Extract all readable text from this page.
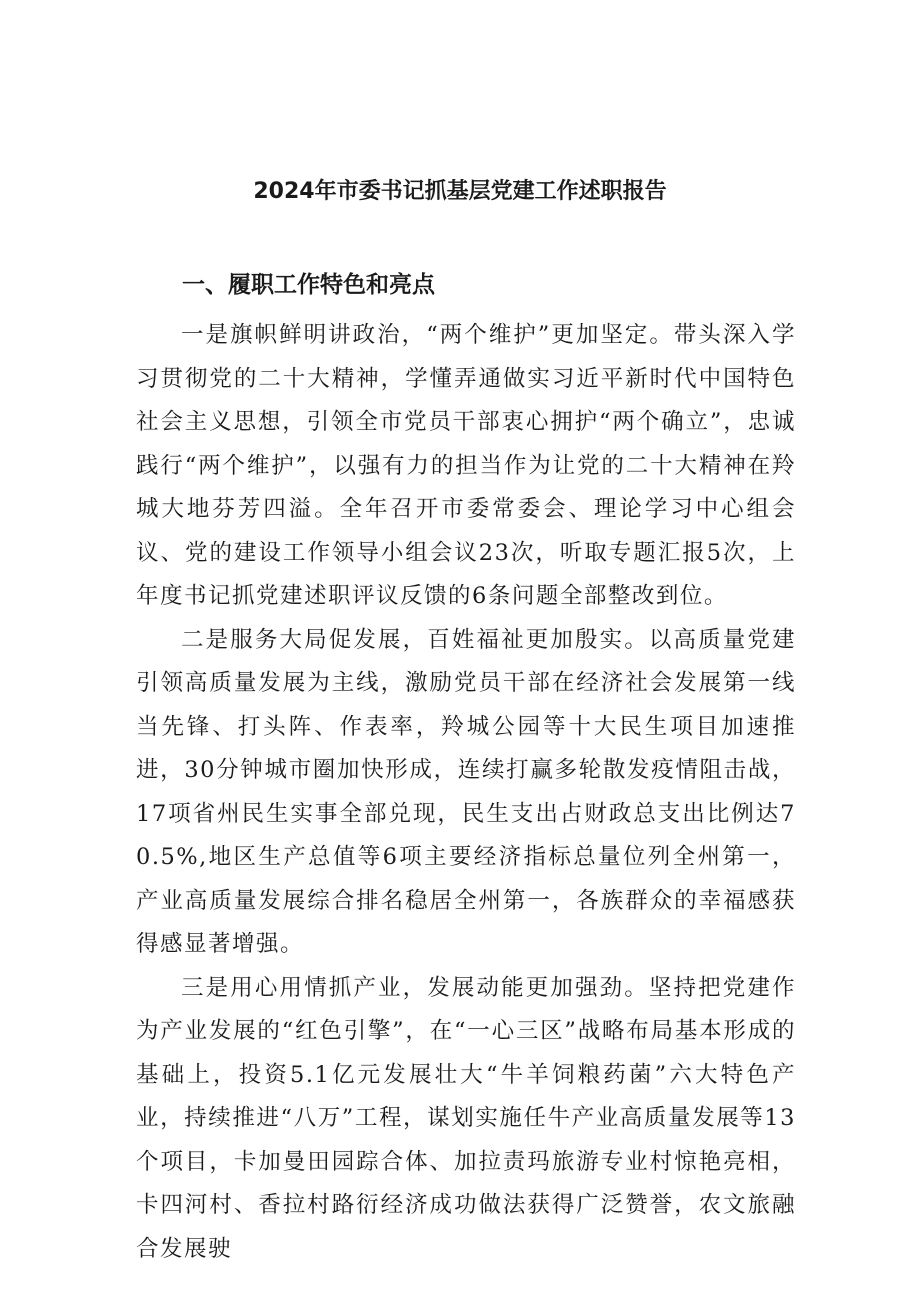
2024年市委书记抓基层党建工作述职报告
一、履职工作特色和亮点

一是旗帜鲜明讲政治，“两个维护”更加坚定。带头深入学习贯彻党的二十大精神，学懂弄通做实习近平新时代中国特色社会主义思想，引领全市党员干部衷心拥护“两个确立”，忠诚践行“两个维护”，以强有力的担当作为让党的二十大精神在羚城大地芬芳四溢。全年召开市委常委会、理论学习中心组会议、党的建设工作领导小组会议23次，听取专题汇报5次，上年度书记抓党建述职评议反馈的6条问题全部整改到位。

二是服务大局促发展，百姓福祉更加殷实。以高质量党建引领高质量发展为主线，激励党员干部在经济社会发展第一线当先锋、打头阵、作表率，羚城公园等十大民生项目加速推进，30分钟城市圈加快形成，连续打赢多轮散发疫情阻击战，17项省州民生实事全部兑现，民生支出占财政总支出比例达70.5%,地区生产总值等6项主要经济指标总量位列全州第一，产业高质量发展综合排名稳居全州第一，各族群众的幸福感获得感显著增强。

三是用心用情抓产业，发展动能更加强劲。坚持把党建作为产业发展的“红色引擎”，在“一心三区”战略布局基本形成的基础上，投资5.1亿元发展壮大“牛羊饲粮药菌”六大特色产业，持续推进“八万”工程，谋划实施任牛产业高质量发展等13个项目，卡加曼田园踪合体、加拉责玛旅游专业村惊艳亮相，卡四河村、香拉村路衍经济成功做法获得广泛赞誉，农文旅融合发展驶
